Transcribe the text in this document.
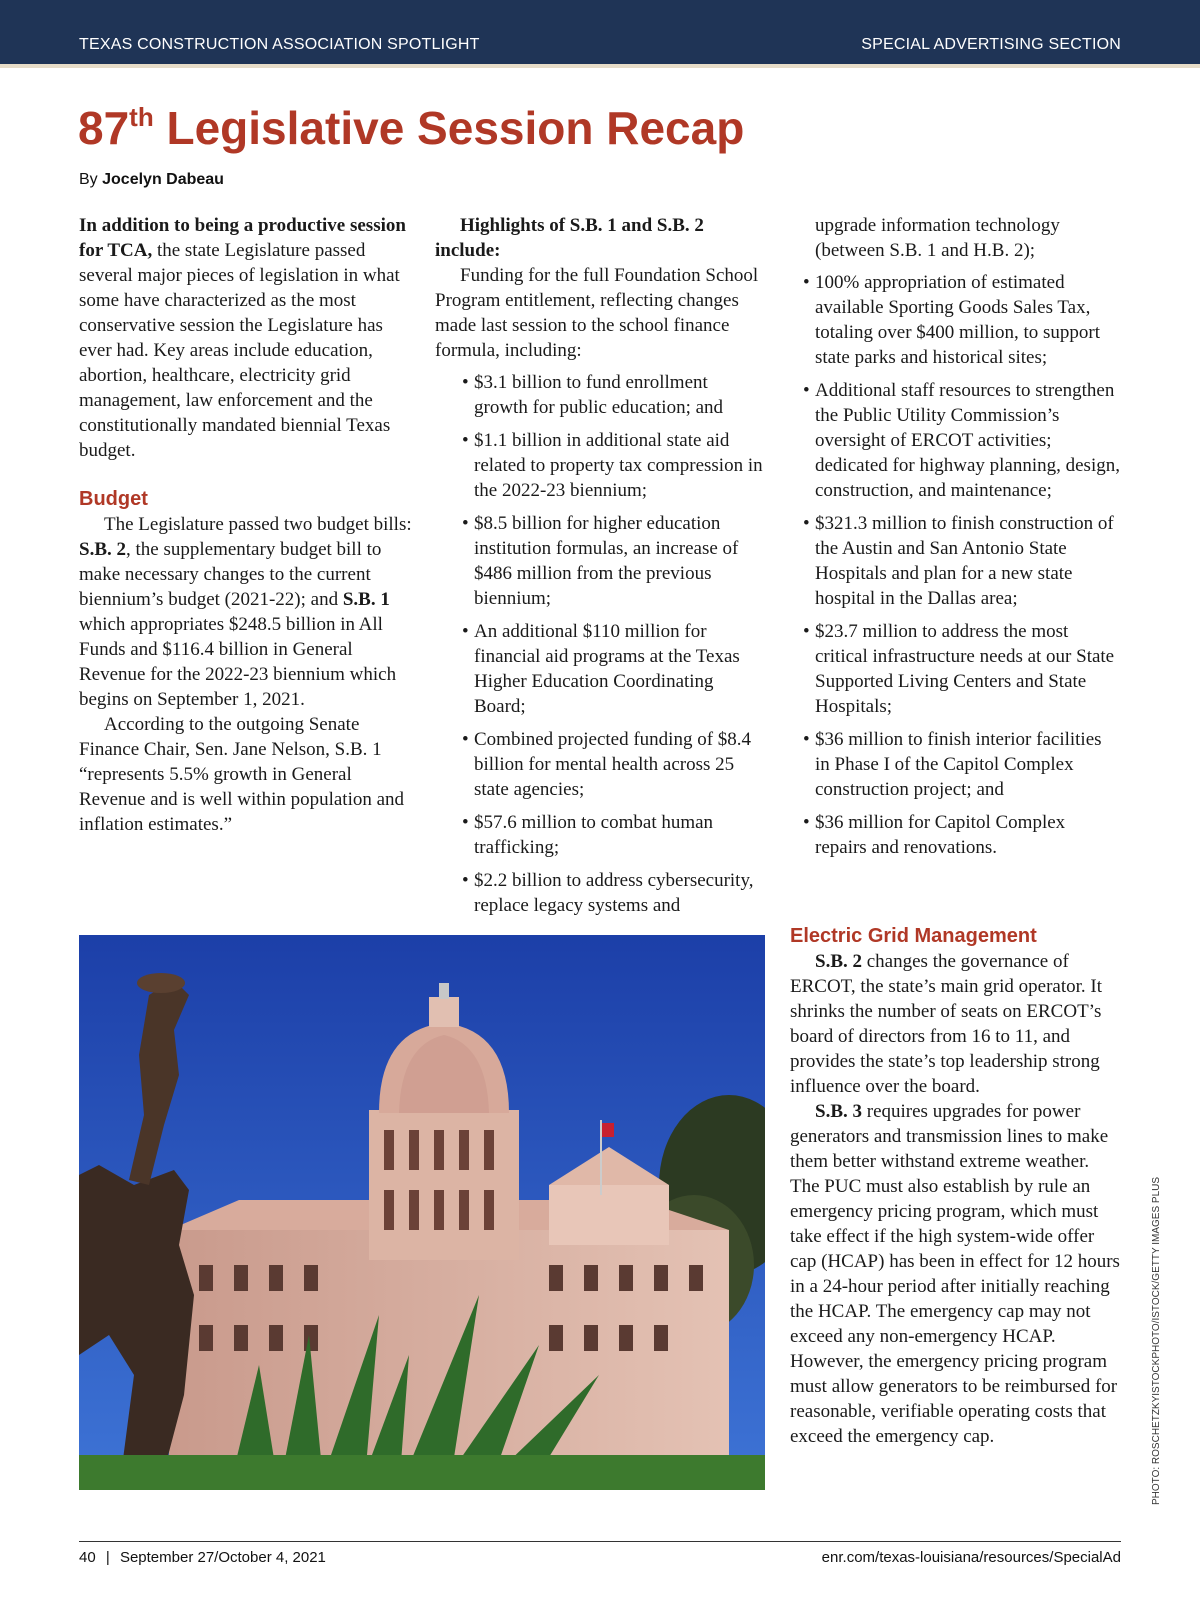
TEXAS CONSTRUCTION ASSOCIATION SPOTLIGHT	SPECIAL ADVERTISING SECTION
87th Legislative Session Recap
By Jocelyn Dabeau

In addition to being a productive session for TCA, the state Legislature passed several major pieces of legislation in what some have characterized as the most conservative session the Legislature has ever had. Key areas include education, abortion, healthcare, electricity grid management, law enforcement and the constitutionally mandated biennial Texas budget.

Budget

The Legislature passed two budget bills: S.B. 2, the supplementary budget bill to make necessary changes to the current biennium’s budget (2021-22); and S.B. 1 which appropriates $248.5 billion in All Funds and $116.4 billion in General Revenue for the 2022-23 biennium which begins on September 1, 2021.

According to the outgoing Senate Finance Chair, Sen. Jane Nelson, S.B. 1 “represents 5.5% growth in General Revenue and is well within population and inflation estimates.”

Highlights of S.B. 1 and S.B. 2 include:

Funding for the full Foundation School Program entitlement, reflecting changes made last session to the school finance formula, including:

• $3.1 billion to fund enrollment growth for public education; and
• $1.1 billion in additional state aid related to property tax compression in the 2022-23 biennium;
• $8.5 billion for higher education institution formulas, an increase of $486 million from the previous biennium;
• An additional $110 million for financial aid programs at the Texas Higher Education Coordinating Board;
• Combined projected funding of $8.4 billion for mental health across 25 state agencies;
• $57.6 million to combat human trafficking;
• $2.2 billion to address cybersecurity, replace legacy systems and

upgrade information technology (between S.B. 1 and H.B. 2);

• 100% appropriation of estimated available Sporting Goods Sales Tax, totaling over $400 million, to support state parks and historical sites;
• Additional staff resources to strengthen the Public Utility Commission’s oversight of ERCOT activities; dedicated for highway planning, design, construction, and maintenance;
• $321.3 million to finish construction of the Austin and San Antonio State Hospitals and plan for a new state hospital in the Dallas area;
• $23.7 million to address the most critical infrastructure needs at our State Supported Living Centers and State Hospitals;
• $36 million to finish interior facilities in Phase I of the Capitol Complex construction project; and
• $36 million for Capitol Complex repairs and renovations.
Electric Grid Management

S.B. 2 changes the governance of ERCOT, the state’s main grid operator. It shrinks the number of seats on ERCOT’s board of directors from 16 to 11, and provides the state’s top leadership strong influence over the board.

S.B. 3 requires upgrades for power generators and transmission lines to make them better withstand extreme weather. The PUC must also establish by rule an emergency pricing program, which must take effect if the high system-wide offer cap (HCAP) has been in effect for 12 hours in a 24-hour period after initially reaching the HCAP. The emergency cap may not exceed any non-emergency HCAP. However, the emergency pricing program must allow generators to be reimbursed for reasonable, verifiable operating costs that exceed the emergency cap.	PHOTO: ROSCHETZKYISTOCKPHOTO/ISTOCK/GETTY IMAGES PLUS
40 | September 27/October 4, 2021	enr.com/texas-louisiana/resources/SpecialAd
